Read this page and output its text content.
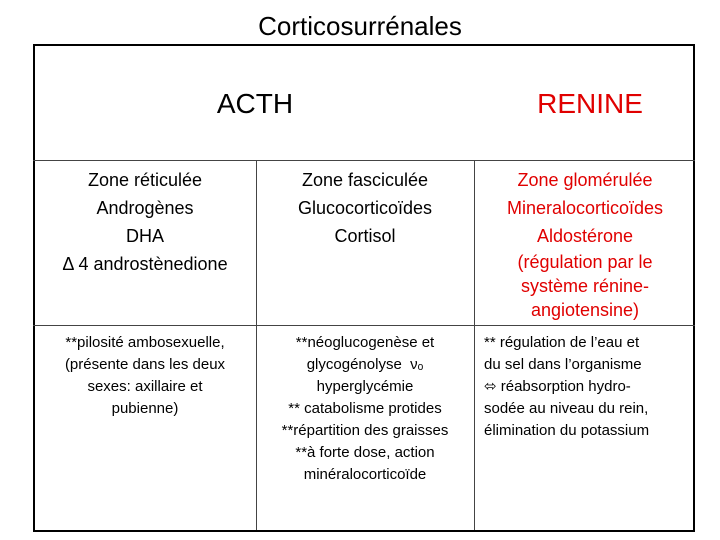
Corticosurrénales
ACTH	RENINE
Zone réticulée
Androgènes
DHA
Δ 4 androstènedione
Zone fasciculée
Glucocorticoïdes
Cortisol
Zone glomérulée
Mineralocorticoïdes
Aldostérone
(régulation par le
système rénine-
angiotensine)
**pilosité ambosexuelle,
(présente dans les deux
sexes: axillaire et
pubienne)
**néoglucogenèse et
glycogénolyse  νₒ
hyperglycémie
** catabolisme protides
**répartition des graisses
**à forte dose, action
minéralocorticoïde
** régulation de l’eau et
du sel dans l’organisme
⬄ réabsorption hydro-
sodée au niveau du rein,
élimination du potassium
